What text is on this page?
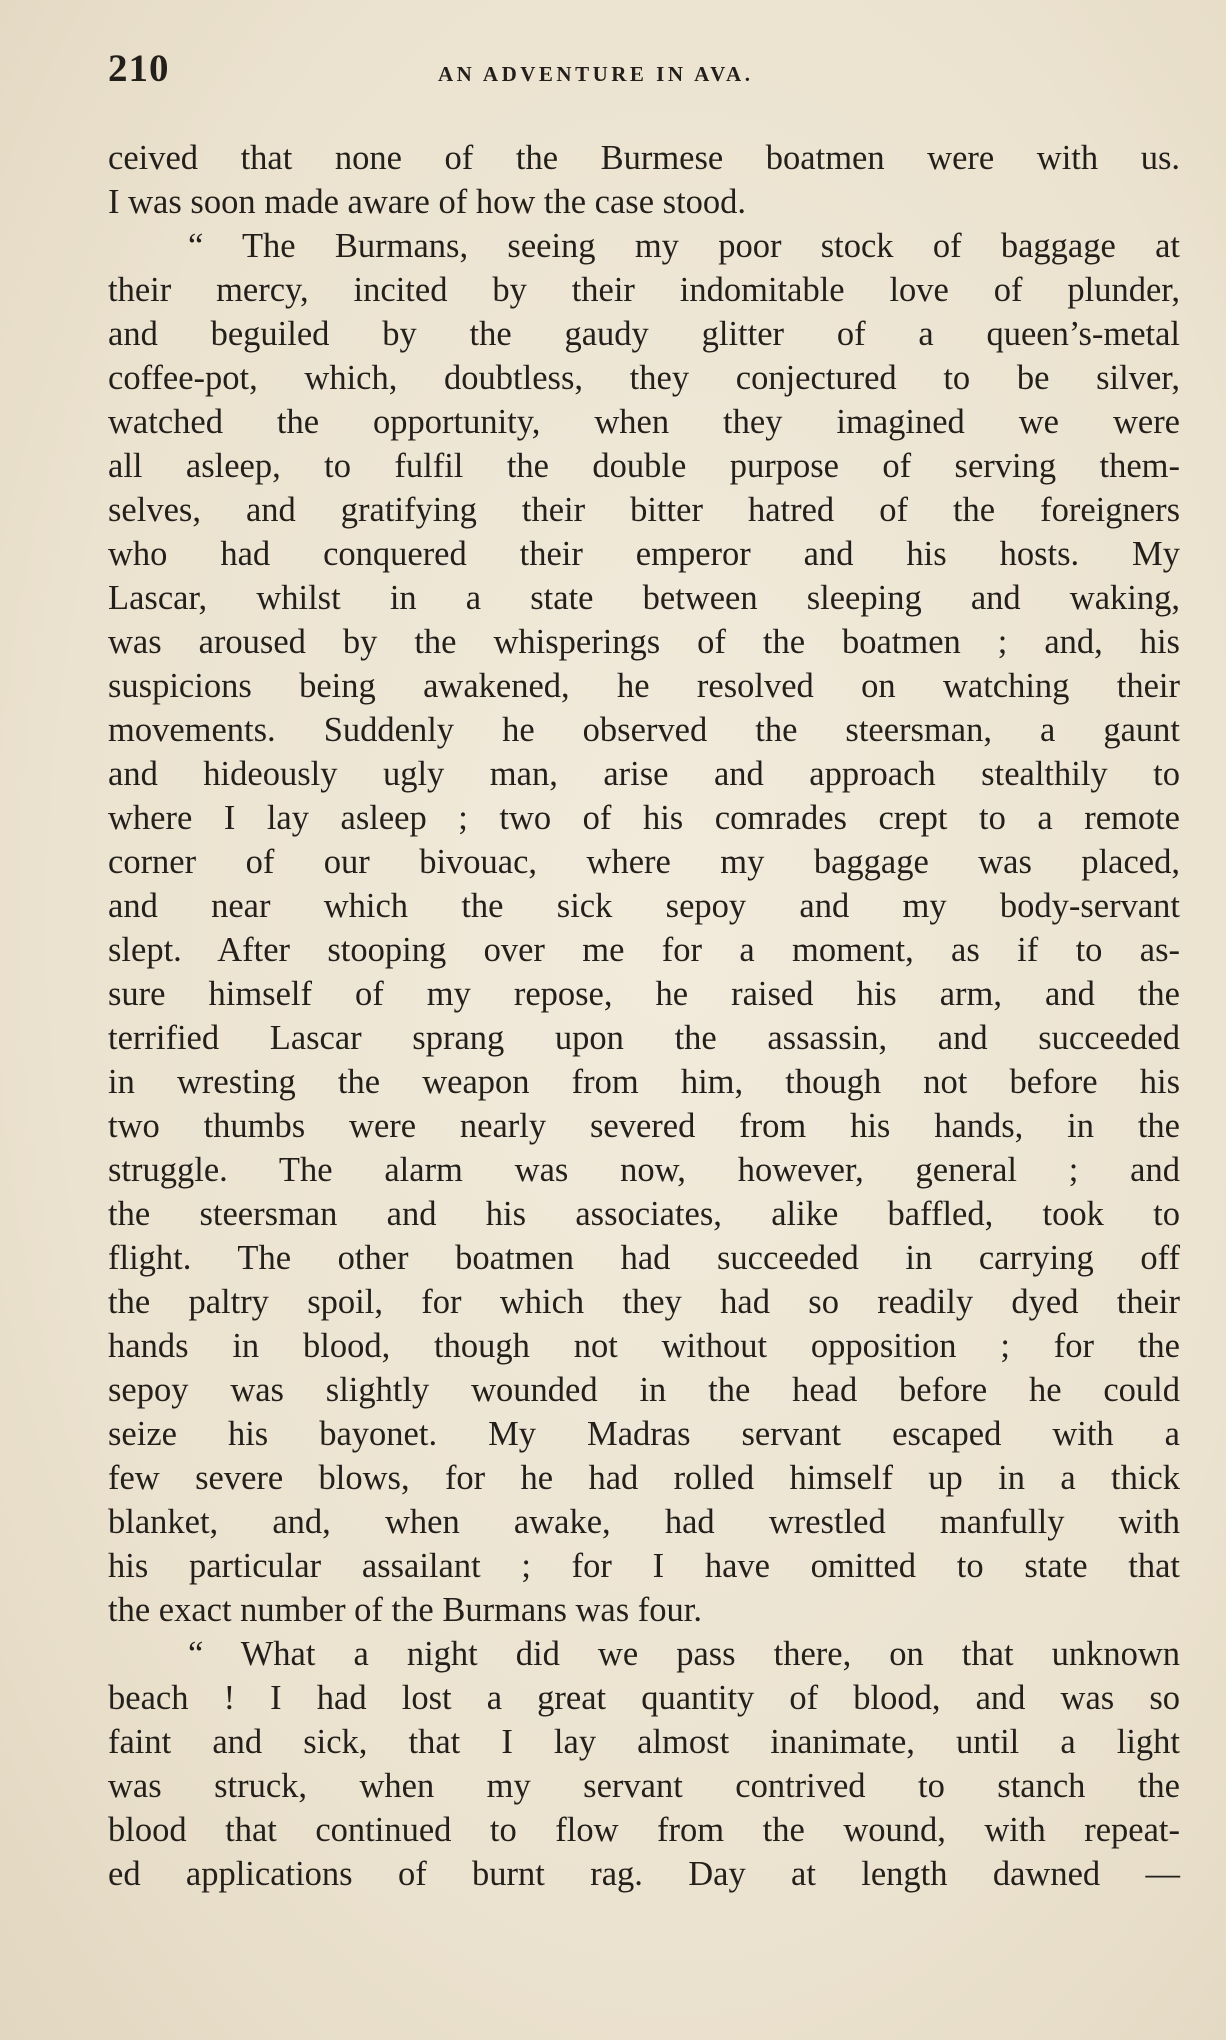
210	AN ADVENTURE IN AVA.
ceived that none of the Burmese boatmen were with us.
I was soon made aware of how the case stood.
“ The Burmans, seeing my poor stock of baggage at
their mercy, incited by their indomitable love of plunder,
and beguiled by the gaudy glitter of a queen’s-metal
coffee-pot, which, doubtless, they conjectured to be silver,
watched the opportunity, when they imagined we were
all asleep, to fulfil the double purpose of serving them-
selves, and gratifying their bitter hatred of the foreigners
who had conquered their emperor and his hosts. My
Lascar, whilst in a state between sleeping and waking,
was aroused by the whisperings of the boatmen ; and, his
suspicions being awakened, he resolved on watching their
movements. Suddenly he observed the steersman, a gaunt
and hideously ugly man, arise and approach stealthily to
where I lay asleep ; two of his comrades crept to a remote
corner of our bivouac, where my baggage was placed,
and near which the sick sepoy and my body-servant
slept. After stooping over me for a moment, as if to as-
sure himself of my repose, he raised his arm, and the
terrified Lascar sprang upon the assassin, and succeeded
in wresting the weapon from him, though not before his
two thumbs were nearly severed from his hands, in the
struggle. The alarm was now, however, general ; and
the steersman and his associates, alike baffled, took to
flight. The other boatmen had succeeded in carrying off
the paltry spoil, for which they had so readily dyed their
hands in blood, though not without opposition ; for the
sepoy was slightly wounded in the head before he could
seize his bayonet. My Madras servant escaped with a
few severe blows, for he had rolled himself up in a thick
blanket, and, when awake, had wrestled manfully with
his particular assailant ; for I have omitted to state that
the exact number of the Burmans was four.
“ What a night did we pass there, on that unknown
beach ! I had lost a great quantity of blood, and was so
faint and sick, that I lay almost inanimate, until a light
was struck, when my servant contrived to stanch the
blood that continued to flow from the wound, with repeat-
ed applications of burnt rag. Day at length dawned —
